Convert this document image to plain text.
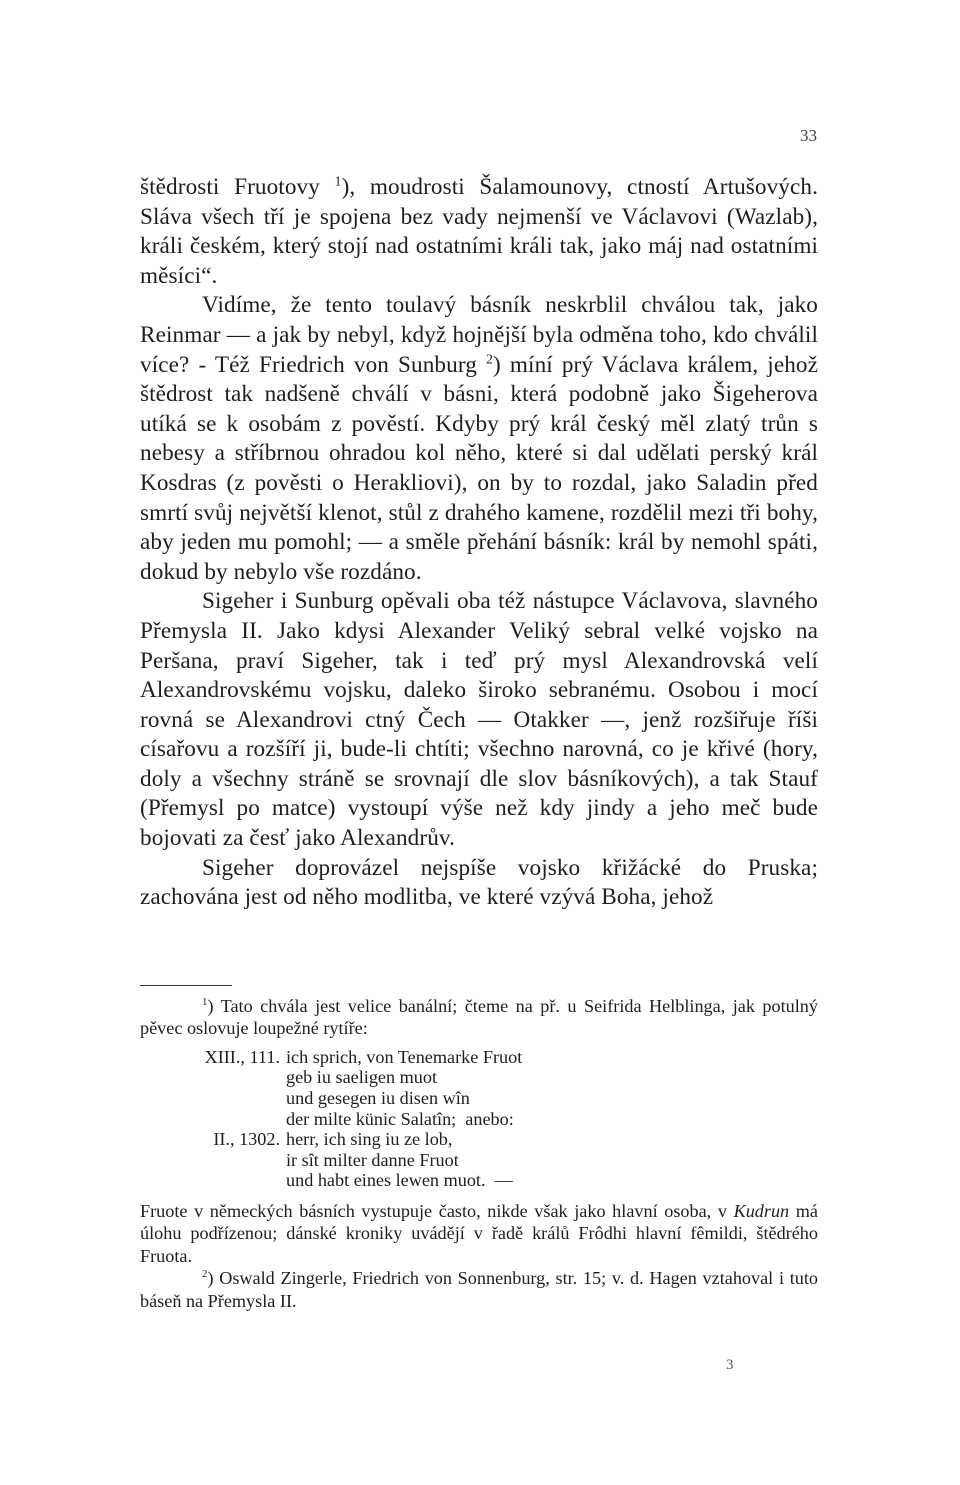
33

štědrosti Fruotovy $^1$), moudrosti Šalamounovy, ctností Artušových. Sláva všech tří je spojena bez vady nejmenší ve Václavovi (Wazlab), králi českém, který stojí nad ostatními králi tak, jako máj nad ostatními měsíci“.

Vidíme, že tento toulavý básník neskrblil chválou tak, jako Reinmar — a jak by nebyl, když hojnější byla odměna toho, kdo chválil více? - Též Friedrich von Sunburg $^2$) míní prý Václava králem, jehož štědrost tak nadšeně chválí v básni, která podobně jako Šigeherova utíká se k osobám z pověstí. Kdyby prý král český měl zlatý trůn s nebesy a stříbrnou ohradou kol něho, které si dal udělati perský král Kosdras (z pověsti o Herakliovi), on by to rozdal, jako Saladin před smrtí svůj největší klenot, stůl z drahého kamene, rozdělil mezi tři bohy, aby jeden mu pomohl; — a směle přehání básník: král by nemohl spáti, dokud by nebylo vše rozdáno.

Sigeher i Sunburg opěvali oba též nástupce Václavova, slavného Přemysla II. Jako kdysi Alexander Veliký sebral velké vojsko na Peršana, praví Sigeher, tak i teď prý mysl Alexandrovská velí Alexandrovskému vojsku, daleko široko sebranému. Osobou i mocí rovná se Alexandrovi ctný Čech — Otakker —, jenž rozšiřuje říši císařovu a rozšíří ji, bude-li chtíti; všechno narovná, co je křivé (hory, doly a všechny stráně se srovnají dle slov básníkových), a tak Stauf (Přemysl po matce) vystoupí výše než kdy jindy a jeho meč bude bojovati za česť jako Alexandrův.

Sigeher doprovázel nejspíše vojsko křižácké do Pruska; zachována jest od něho modlitba, ve které vzývá Boha, jehož

$^1$) Tato chvála jest velice banální; čteme na př. u Seifrida Helblinga, jak potulný pěvec oslovuje loupežné rytíře:

XIII., 111. ich sprich, von Tenemarke Fruot
geb iu saeligen muot
und gesegen iu disen wîn
der milte künic Salatîn;  anebo:
II., 1302. herr, ich sing iu ze lob,
ir sît milter danne Fruot
und habt eines lewen muot.  —

Fruote v německých básních vystupuje často, nikde však jako hlavní osoba, v Kudrun má úlohu podřízenou; dánské kroniky uvádějí v řadě králů Frôdhi hlavní fêmildi, štědrého Fruota.

$^2$) Oswald Zingerle, Friedrich von Sonnenburg, str. 15; v. d. Hagen vztahoval i tuto báseň na Přemysla II.

3
